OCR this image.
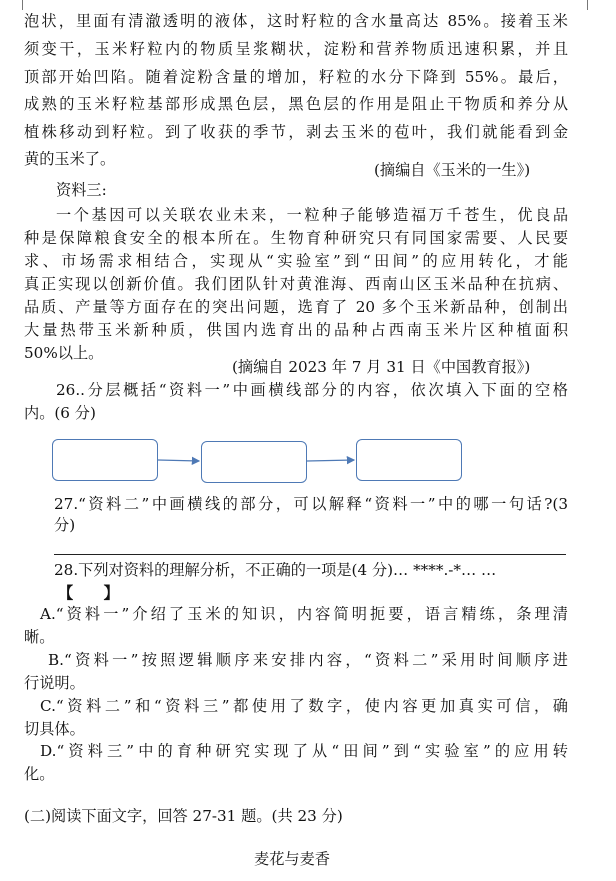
泡状，里面有清澈透明的液体，这时籽粒的含水量高达 85%。接着玉米
须变干，玉米籽粒内的物质呈浆糊状，淀粉和营养物质迅速积累，并且
顶部开始凹陷。随着淀粉含量的增加，籽粒的水分下降到 55%。最后，
成熟的玉米籽粒基部形成黑色层，黑色层的作用是阻止干物质和养分从
植株移动到籽粒。到了收获的季节，剥去玉米的苞叶，我们就能看到金
黄的玉米了。
(摘编自《玉米的一生》)
资料三:
一个基因可以关联农业未来，一粒种子能够造福万千苍生，优良品
种是保障粮食安全的根本所在。生物育种研究只有同国家需要、人民要
求、市场需求相结合，实现从“实验室”到“田间”的应用转化，才能
真正实现以创新价值。我们团队针对黄淮海、西南山区玉米品种在抗病、
品质、产量等方面存在的突出问题，选育了 20 多个玉米新品种，创制出
大量热带玉米新种质，供国内选育出的品种占西南玉米片区种植面积
50%以上。
(摘编自 2023 年 7 月 31 日《中国教育报》)
26..分层概括“资料一”中画横线部分的内容，依次填入下面的空格
内。(6 分)
27.“资料二”中画横线的部分，可以解释“资料一”中的哪一句话?(3
分)
28.下列对资料的理解分析，不正确的一项是(4 分)… ****.-*… …
【　　】
A.“资料一”介绍了玉米的知识，内容简明扼要，语言精练，条理清
晰。
B.“资料一”按照逻辑顺序来安排内容，“资料二”采用时间顺序进
行说明。
C.“资料二”和“资料三”都使用了数字，使内容更加真实可信，确
切具体。
D.“资料三”中的育种研究实现了从“田间”到“实验室”的应用转
化。
(二)阅读下面文字，回答 27-31 题。(共 23 分)
麦花与麦香
